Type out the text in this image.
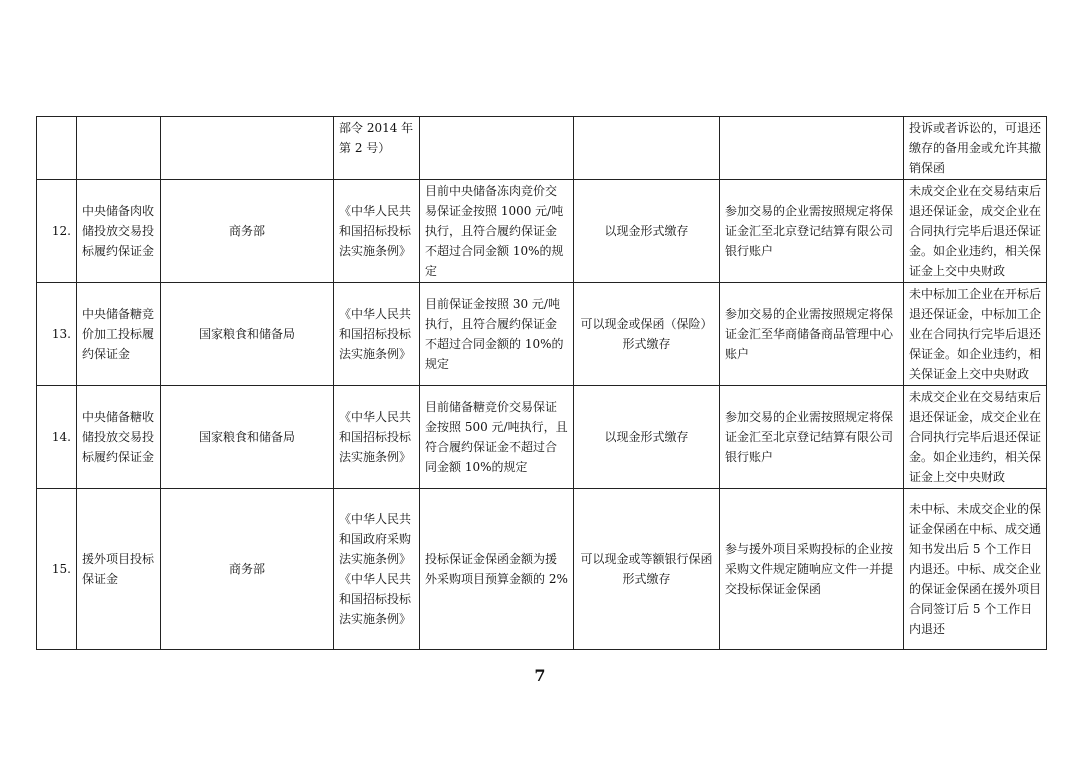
			部令 2014 年第 2 号）				投诉或者诉讼的，可退还缴存的备用金或允许其撤销保函
12.	中央储备肉收储投放交易投标履约保证金	商务部	《中华人民共和国招标投标法实施条例》	目前中央储备冻肉竞价交易保证金按照 1000 元/吨执行，且符合履约保证金不超过合同金额 10%的规定	以现金形式缴存	参加交易的企业需按照规定将保证金汇至北京登记结算有限公司银行账户	未成交企业在交易结束后退还保证金，成交企业在合同执行完毕后退还保证金。如企业违约，相关保证金上交中央财政
13.	中央储备糖竞价加工投标履约保证金	国家粮食和储备局	《中华人民共和国招标投标法实施条例》	目前保证金按照 30 元/吨执行，且符合履约保证金不超过合同金额的 10%的规定	可以现金或保函（保险）形式缴存	参加交易的企业需按照规定将保证金汇至华商储备商品管理中心账户	未中标加工企业在开标后退还保证金，中标加工企业在合同执行完毕后退还保证金。如企业违约，相关保证金上交中央财政
14.	中央储备糖收储投放交易投标履约保证金	国家粮食和储备局	《中华人民共和国招标投标法实施条例》	目前储备糖竞价交易保证金按照 500 元/吨执行，且符合履约保证金不超过合同金额 10%的规定	以现金形式缴存	参加交易的企业需按照规定将保证金汇至北京登记结算有限公司银行账户	未成交企业在交易结束后退还保证金，成交企业在合同执行完毕后退还保证金。如企业违约，相关保证金上交中央财政
15.	援外项目投标保证金	商务部	《中华人民共和国政府采购法实施条例》《中华人民共和国招标投标法实施条例》	投标保证金保函金额为援外采购项目预算金额的 2%	可以现金或等额银行保函形式缴存	参与援外项目采购投标的企业按采购文件规定随响应文件一并提交投标保证金保函	未中标、未成交企业的保证金保函在中标、成交通知书发出后 5 个工作日内退还。中标、成交企业的保证金保函在援外项目合同签订后 5 个工作日内退还
7
